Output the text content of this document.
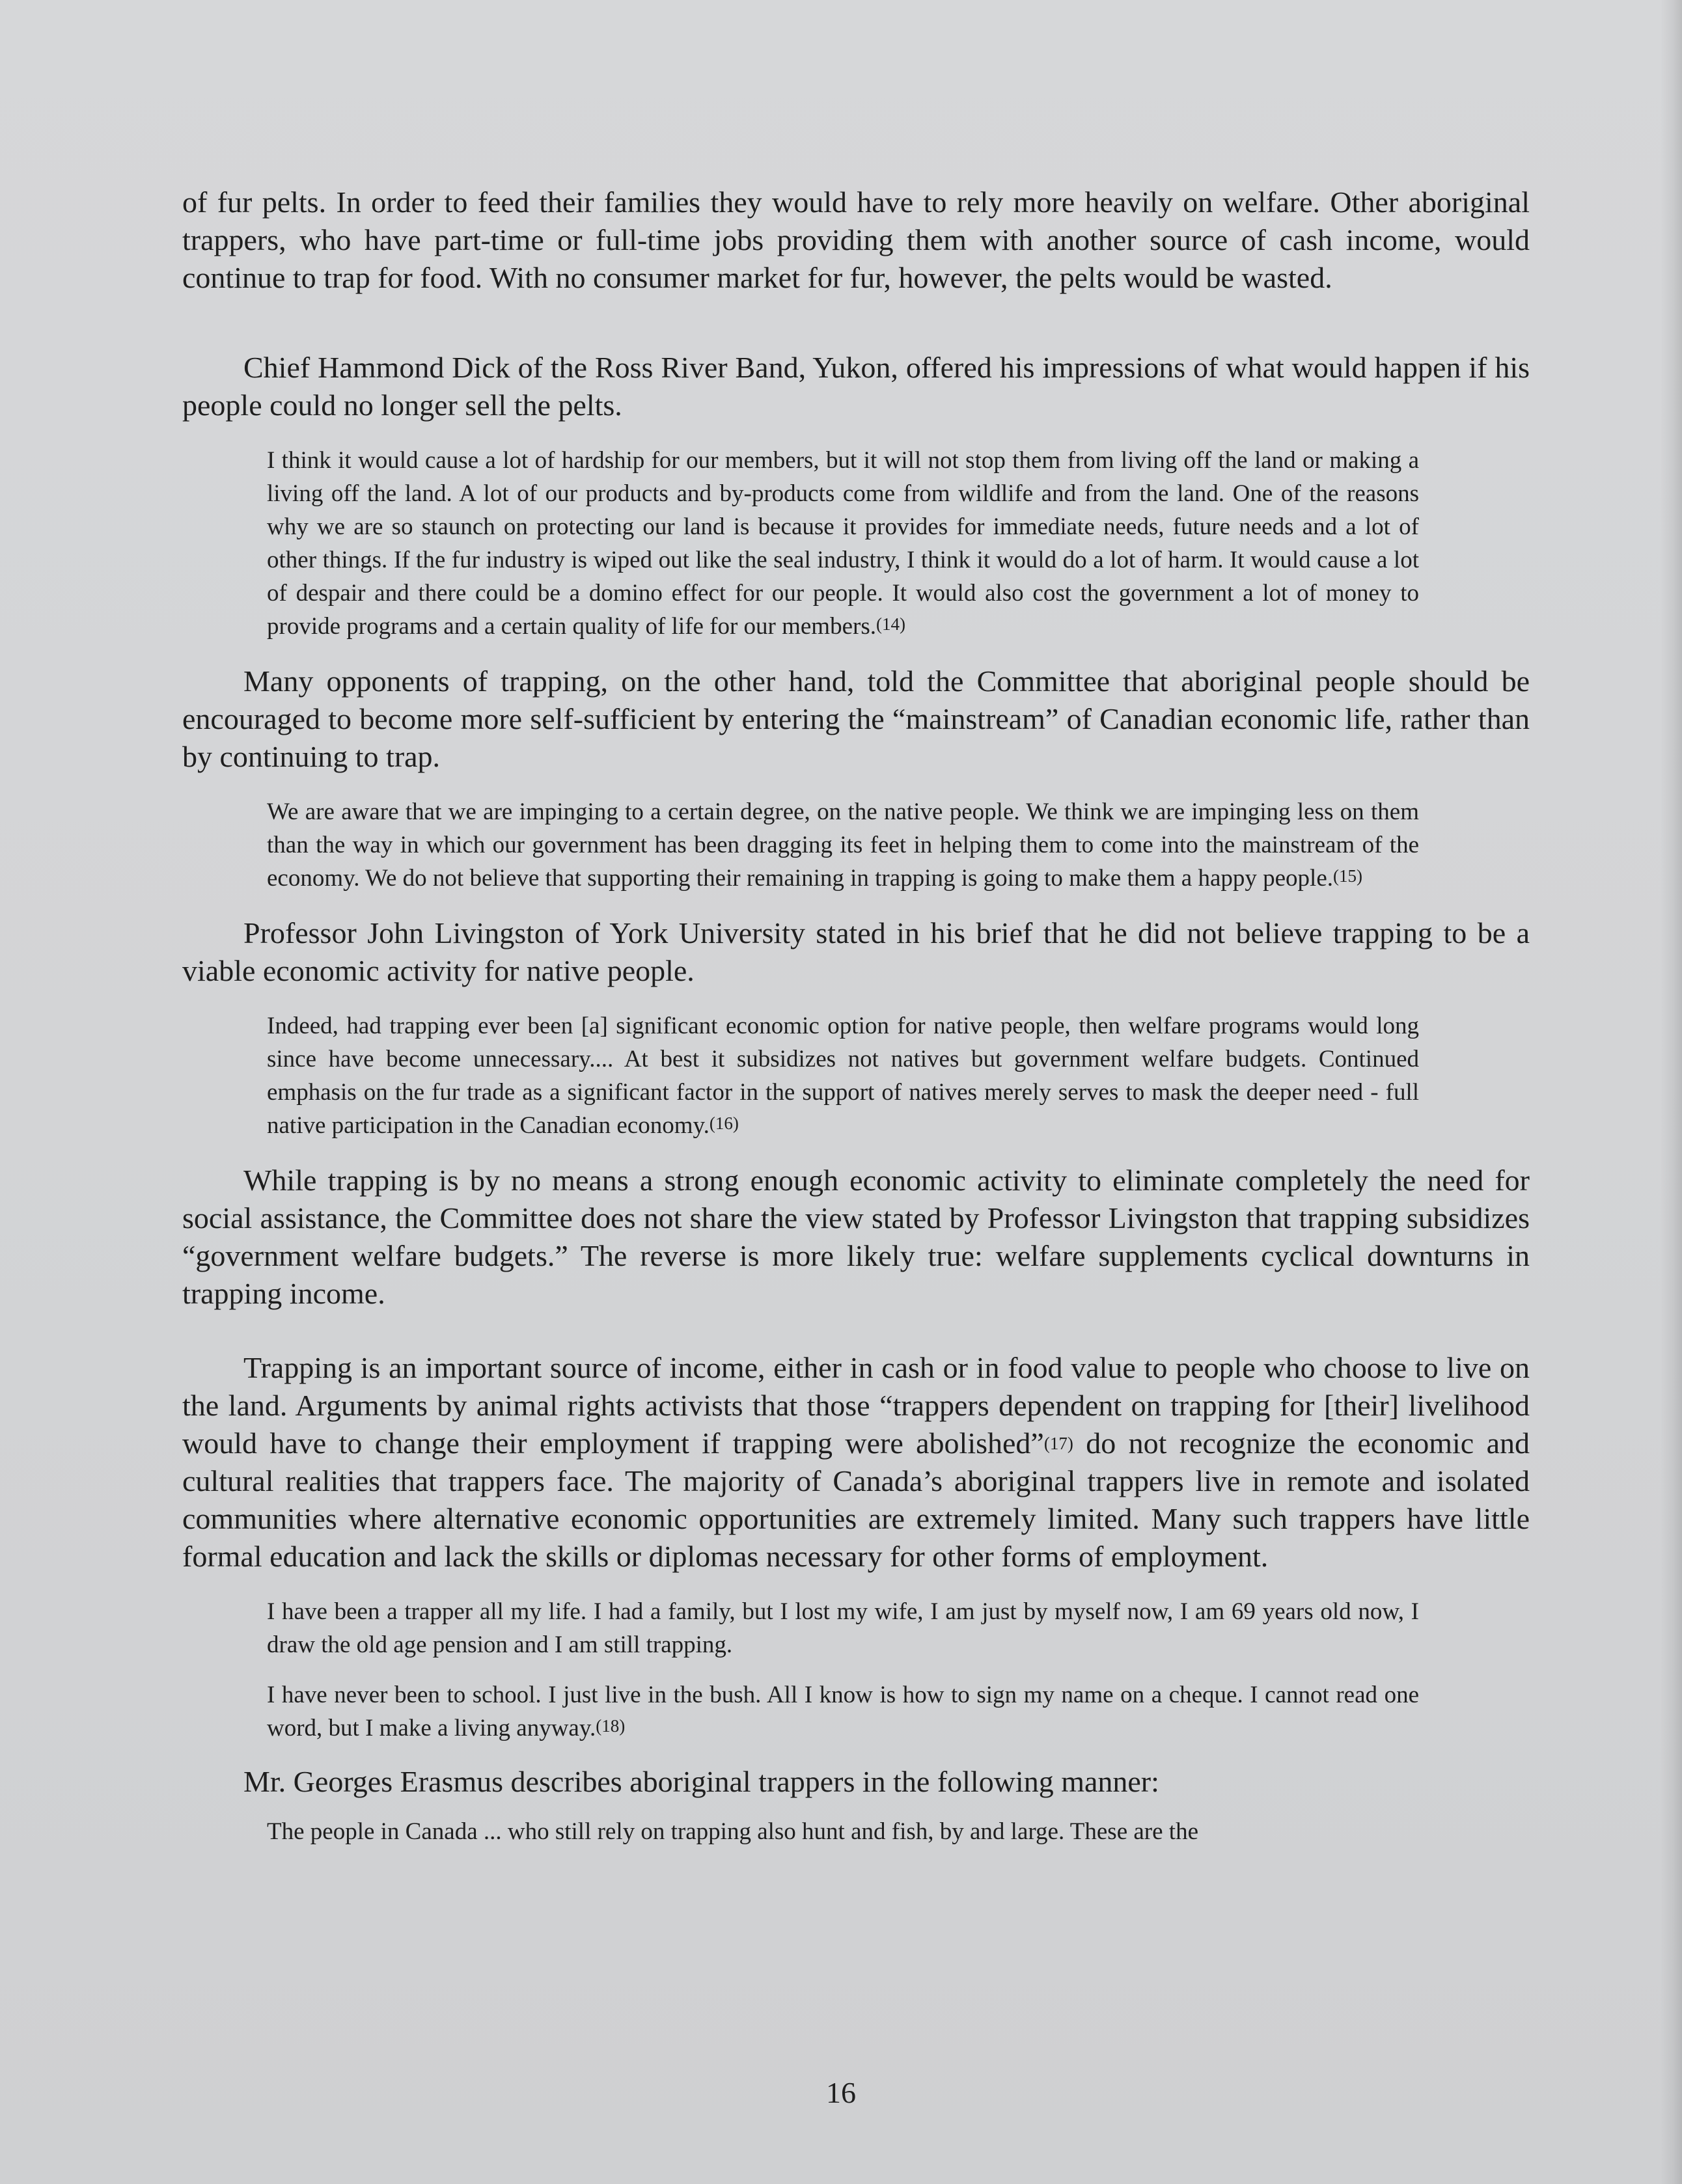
of fur pelts. In order to feed their families they would have to rely more heavily on welfare. Other aboriginal trappers, who have part-time or full-time jobs providing them with another source of cash income, would continue to trap for food. With no consumer market for fur, however, the pelts would be wasted.

Chief Hammond Dick of the Ross River Band, Yukon, offered his impressions of what would happen if his people could no longer sell the pelts.

I think it would cause a lot of hardship for our members, but it will not stop them from living off the land or making a living off the land. A lot of our products and by-products come from wildlife and from the land. One of the reasons why we are so staunch on protecting our land is because it provides for immediate needs, future needs and a lot of other things. If the fur industry is wiped out like the seal industry, I think it would do a lot of harm. It would cause a lot of despair and there could be a domino effect for our people. It would also cost the government a lot of money to provide programs and a certain quality of life for our members.(14)

Many opponents of trapping, on the other hand, told the Committee that aboriginal people should be encouraged to become more self-sufficient by entering the “mainstream” of Canadian economic life, rather than by continuing to trap.

We are aware that we are impinging to a certain degree, on the native people. We think we are impinging less on them than the way in which our government has been dragging its feet in helping them to come into the mainstream of the economy. We do not believe that supporting their remaining in trapping is going to make them a happy people.(15)

Professor John Livingston of York University stated in his brief that he did not believe trapping to be a viable economic activity for native people.

Indeed, had trapping ever been [a] significant economic option for native people, then welfare programs would long since have become unnecessary.... At best it subsidizes not natives but government welfare budgets. Continued emphasis on the fur trade as a significant factor in the support of natives merely serves to mask the deeper need - full native participation in the Canadian economy.(16)

While trapping is by no means a strong enough economic activity to eliminate completely the need for social assistance, the Committee does not share the view stated by Professor Livingston that trapping subsidizes “government welfare budgets.” The reverse is more likely true: welfare supplements cyclical downturns in trapping income.

Trapping is an important source of income, either in cash or in food value to people who choose to live on the land. Arguments by animal rights activists that those “trappers dependent on trapping for [their] livelihood would have to change their employment if trapping were abolished”(17) do not recognize the economic and cultural realities that trappers face. The majority of Canada’s aboriginal trappers live in remote and isolated communities where alternative economic opportunities are extremely limited. Many such trappers have little formal education and lack the skills or diplomas necessary for other forms of employment.

I have been a trapper all my life. I had a family, but I lost my wife, I am just by myself now, I am 69 years old now, I draw the old age pension and I am still trapping.

I have never been to school. I just live in the bush. All I know is how to sign my name on a cheque. I cannot read one word, but I make a living anyway.(18)

Mr. Georges Erasmus describes aboriginal trappers in the following manner:

The people in Canada ... who still rely on trapping also hunt and fish, by and large. These are the

16
